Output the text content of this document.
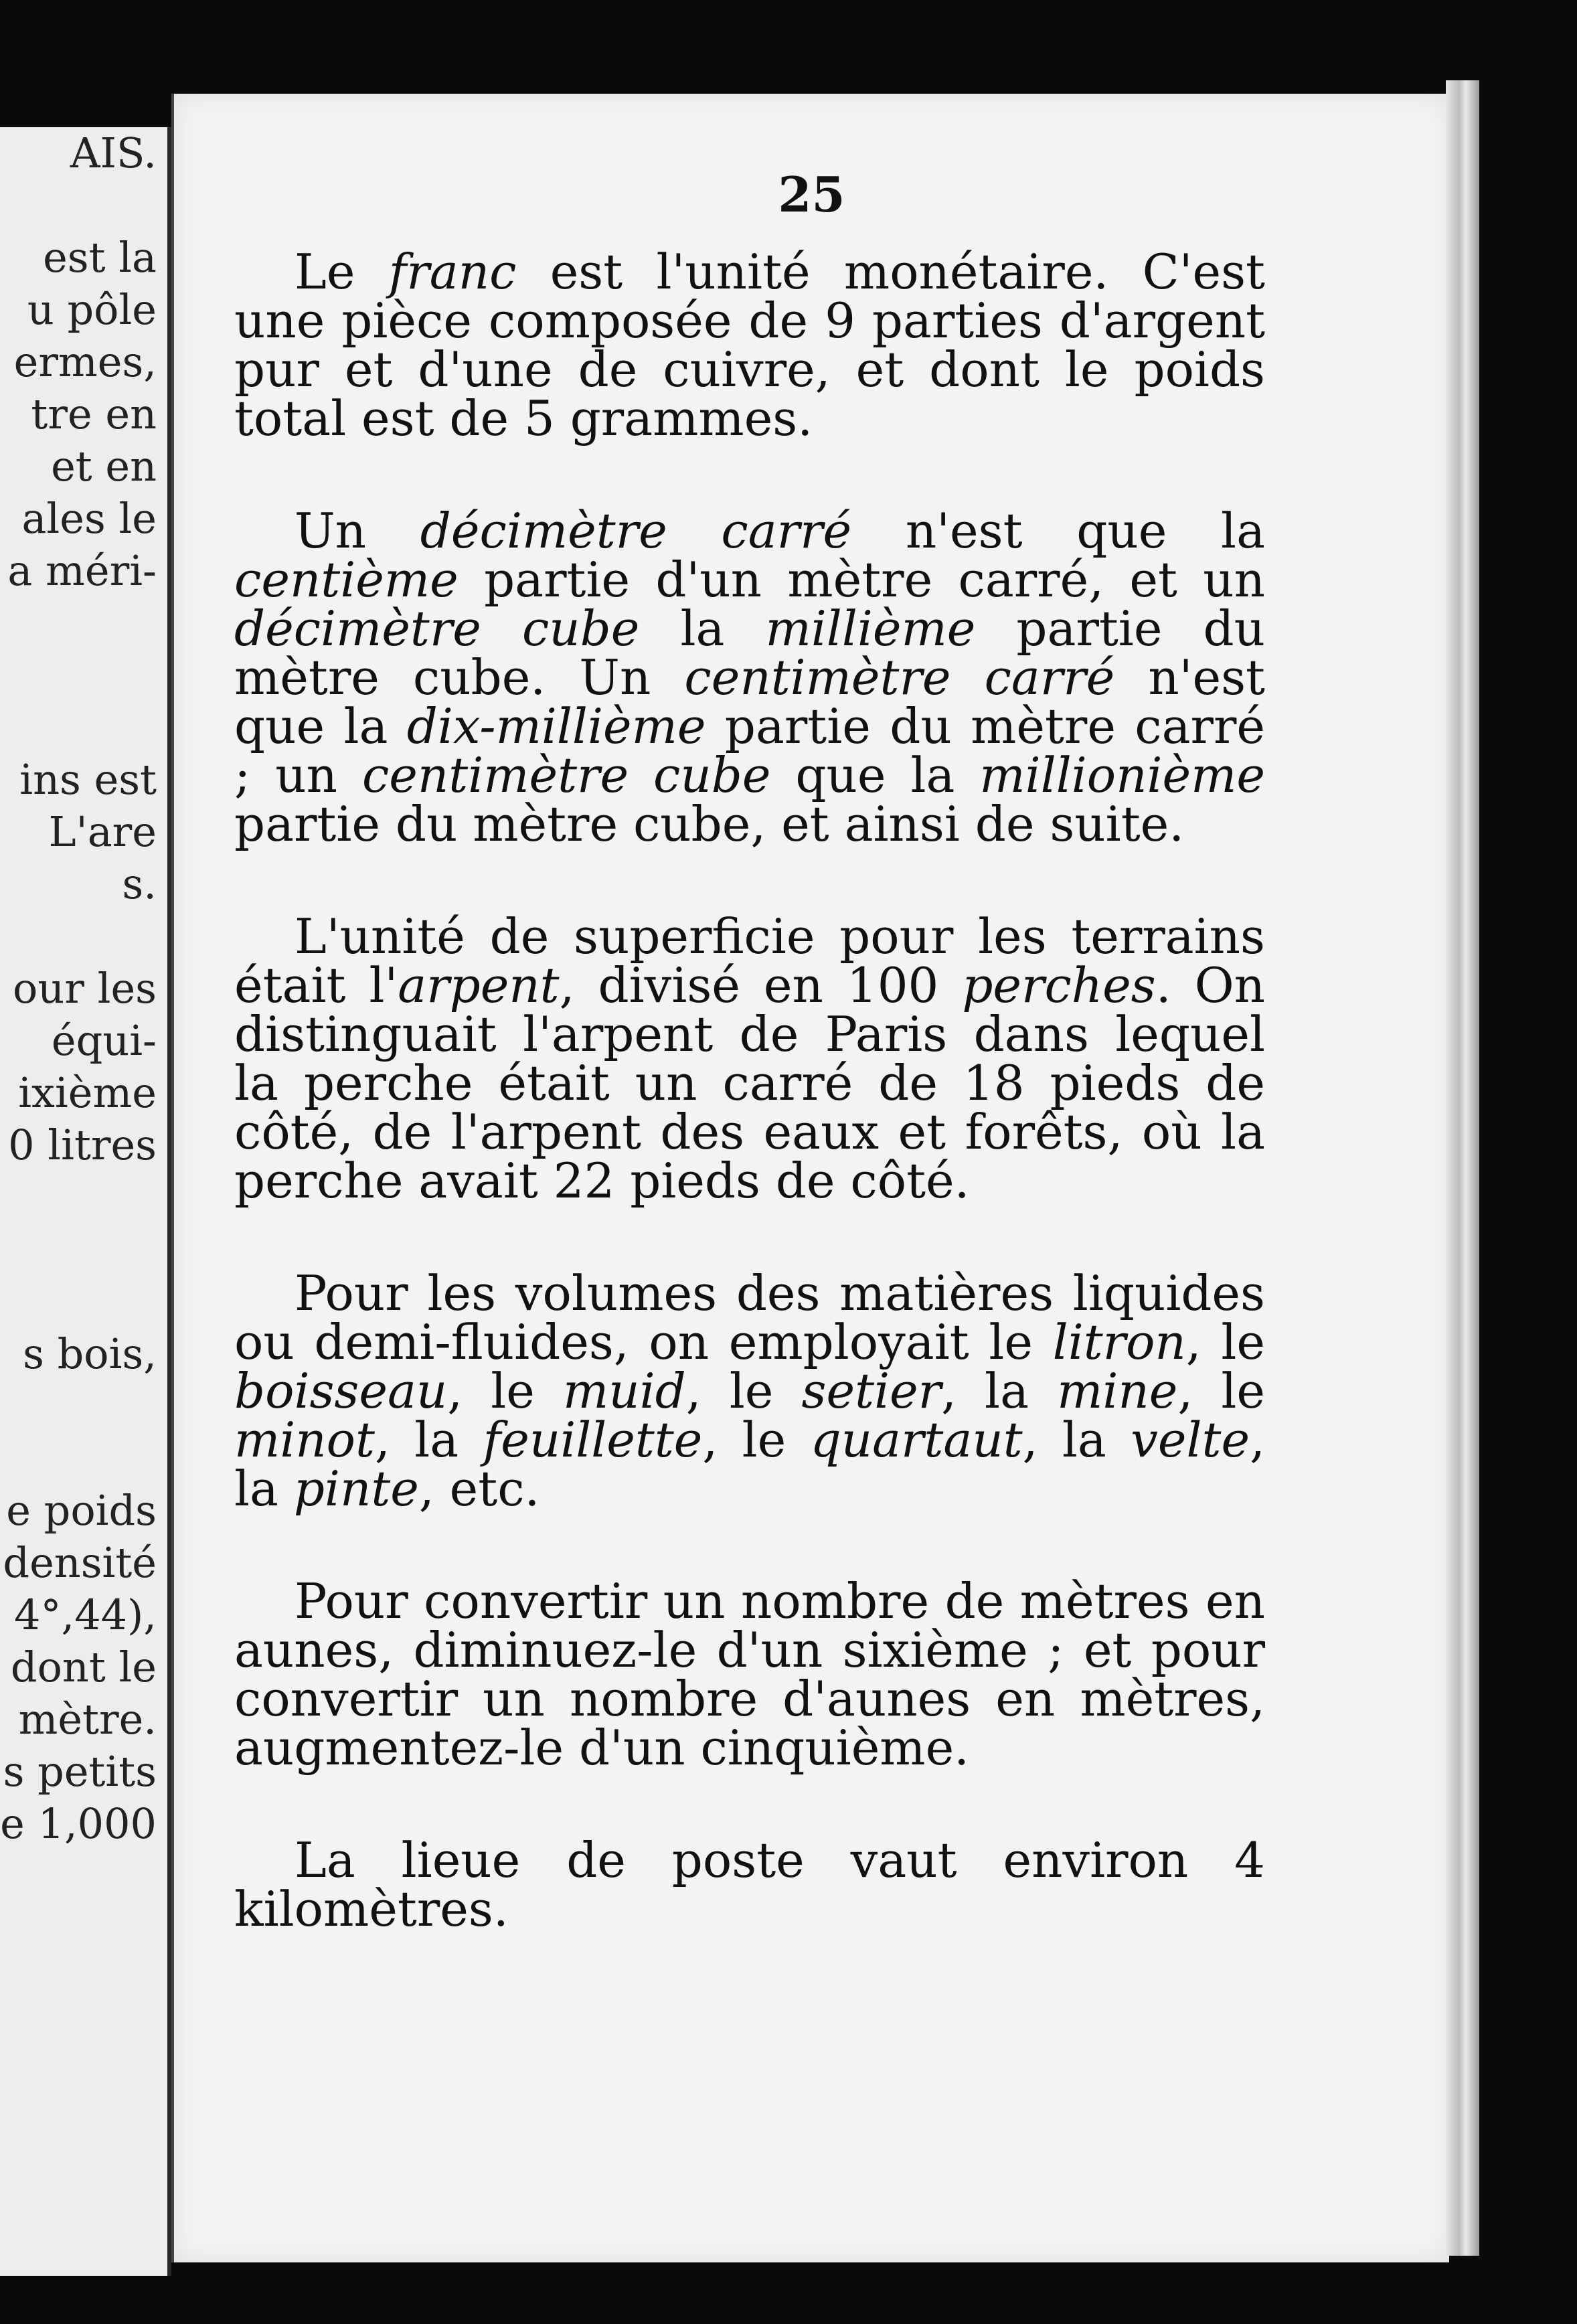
AIS.

est la
u pôle
ermes,
tre en
et en
ales le
a méri-

ins est
L'are
s.

our les
équi-
ixième
0 litres

s bois,

e poids
densité
4°,44),
dont le
mètre.
s petits
e 1,000
25

Le franc est l'unité monétaire. C'est une pièce composée de 9 parties d'argent pur et d'une de cuivre, et dont le poids total est de 5 grammes.

Un décimètre carré n'est que la centième partie d'un mètre carré, et un décimètre cube la millième partie du mètre cube. Un centimètre carré n'est que la dix-millième partie du mètre carré ; un centimètre cube que la millionième partie du mètre cube, et ainsi de suite.

L'unité de superficie pour les terrains était l'arpent, divisé en 100 perches. On distinguait l'arpent de Paris dans lequel la perche était un carré de 18 pieds de côté, de l'arpent des eaux et forêts, où la perche avait 22 pieds de côté.

Pour les volumes des matières liquides ou demi-fluides, on employait le litron, le boisseau, le muid, le setier, la mine, le minot, la feuillette, le quartaut, la velte, la pinte, etc.

Pour convertir un nombre de mètres en aunes, diminuez-le d'un sixième ; et pour convertir un nombre d'aunes en mètres, augmentez-le d'un cinquième.

La lieue de poste vaut environ 4 kilomètres.
